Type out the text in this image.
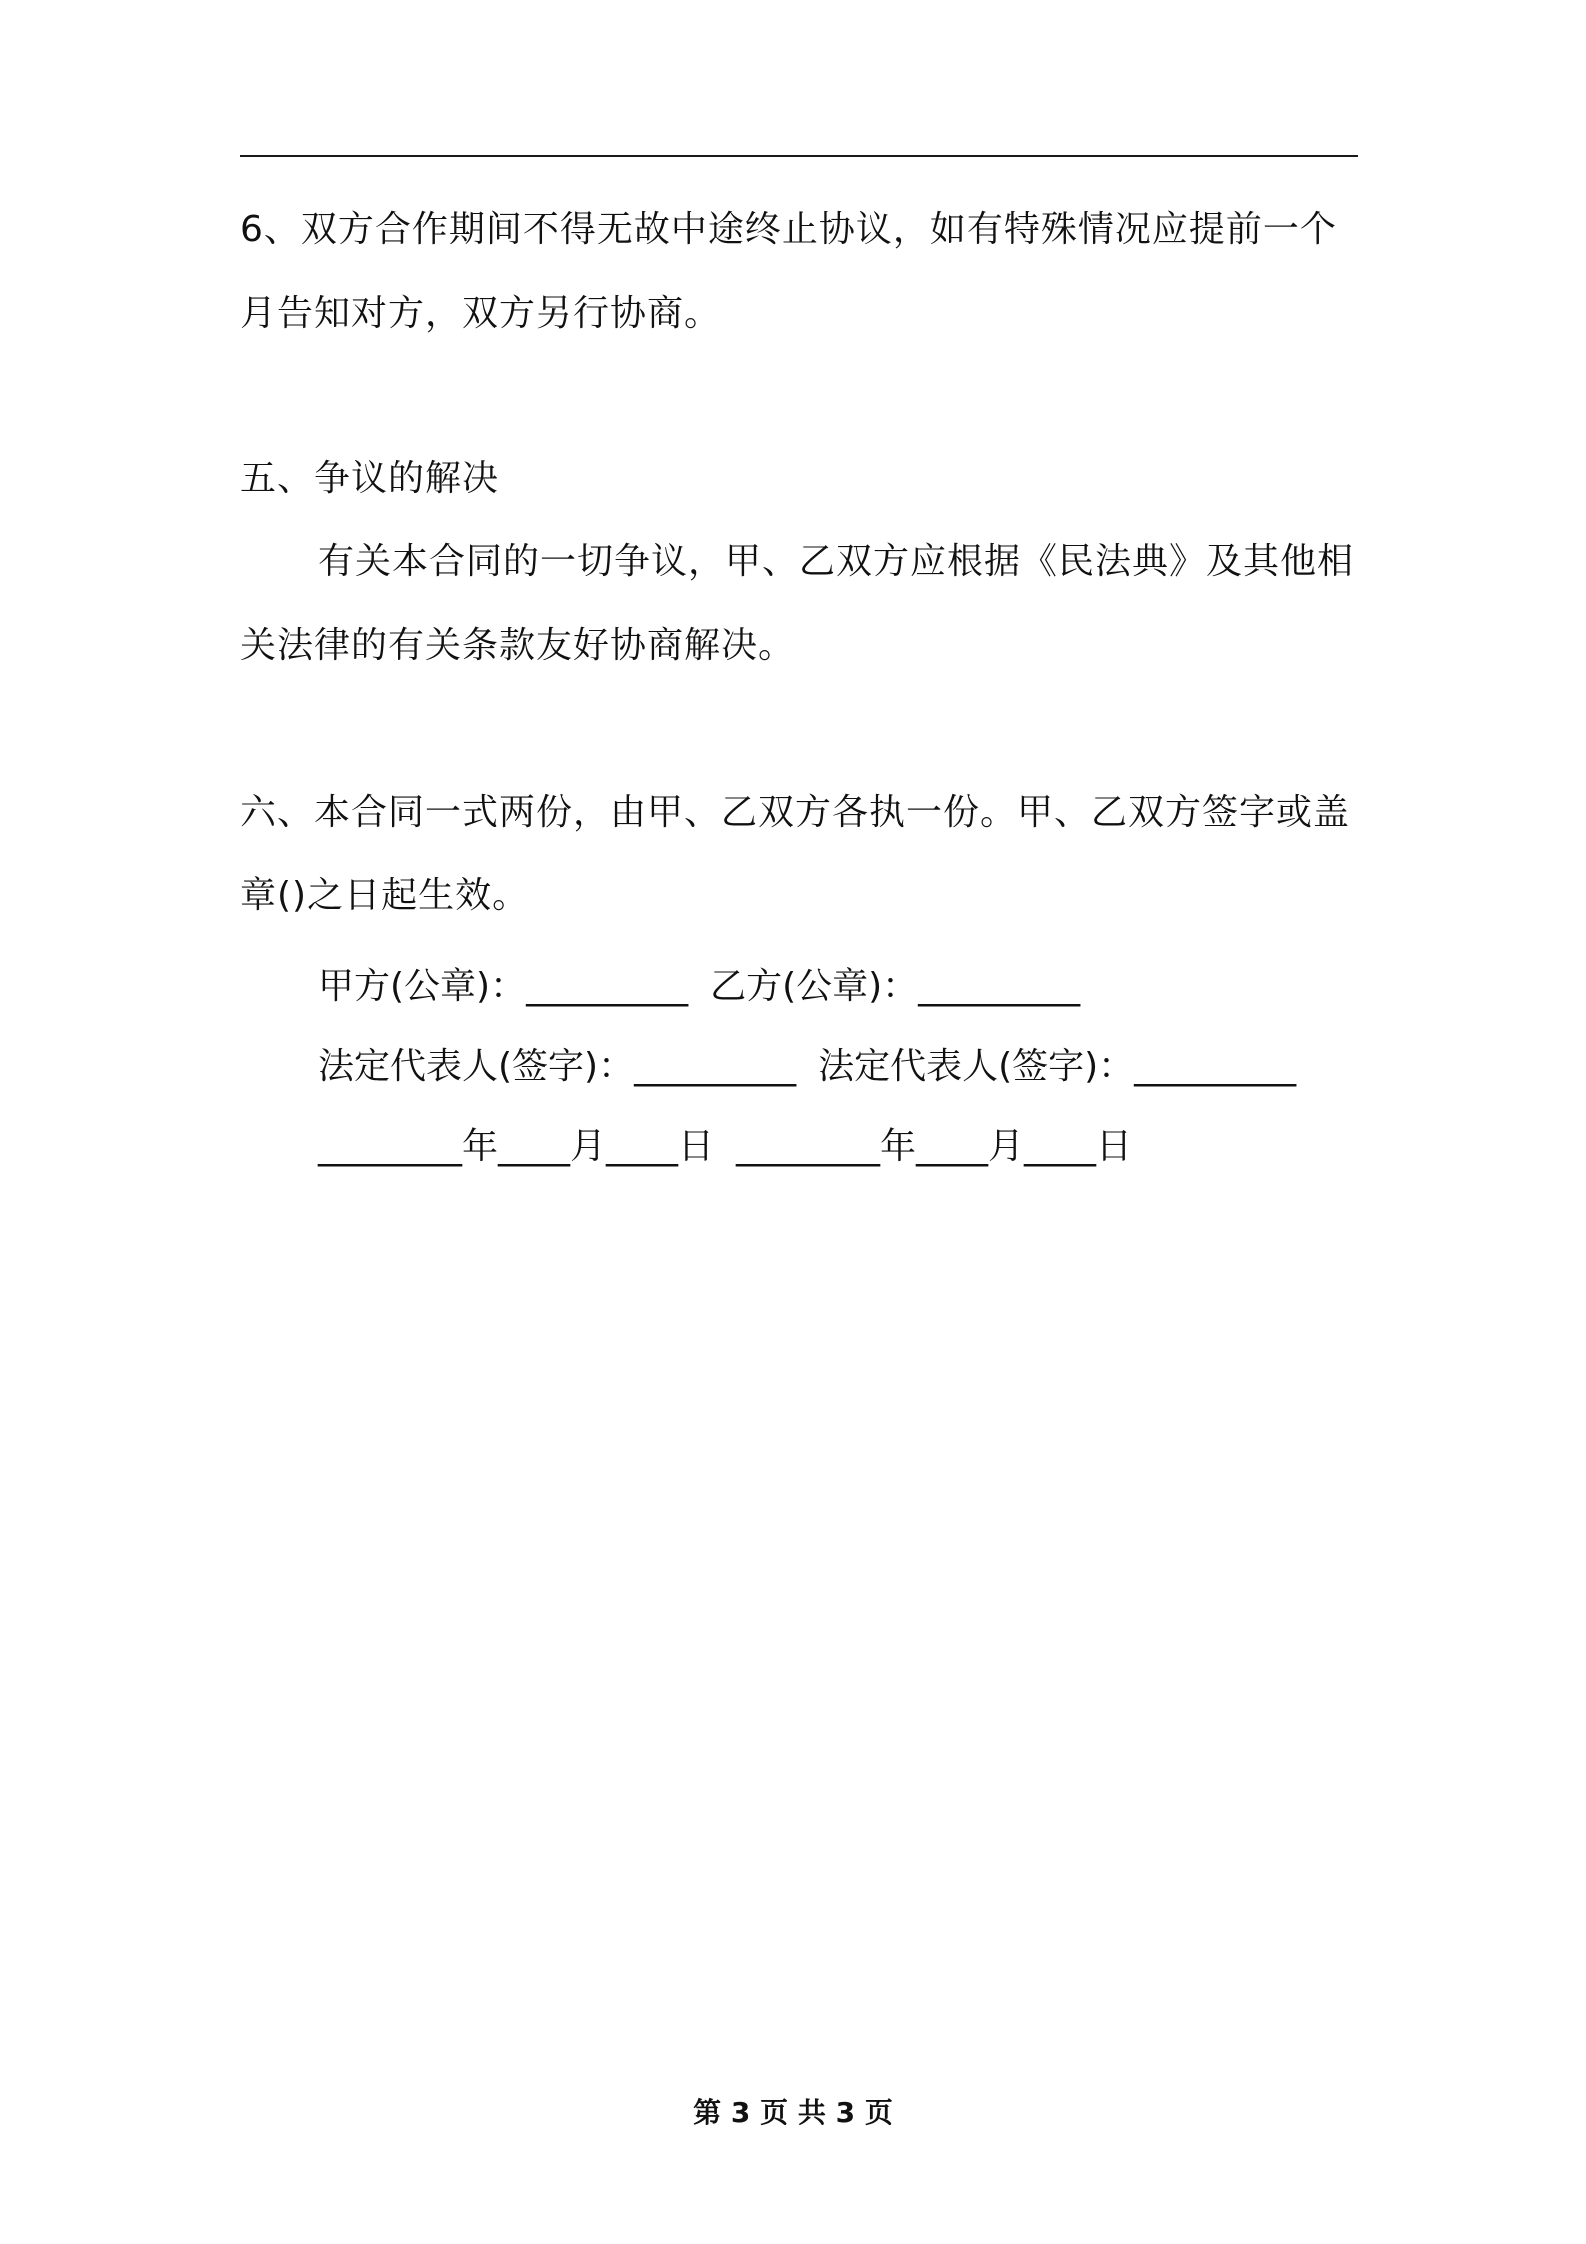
6、双方合作期间不得无故中途终止协议，如有特殊情况应提前一个
月告知对方，双方另行协商。
五、争议的解决
有关本合同的一切争议，甲、乙双方应根据《民法典》及其他相
关法律的有关条款友好协商解决。
六、本合同一式两份，由甲、乙双方各执一份。甲、乙双方签字或盖
章()之日起生效。
甲方(公章)：_________ 乙方(公章)：_________
法定代表人(签字)：_________ 法定代表人(签字)：_________
________年____月____日 ________年____月____日
第 3 页 共 3 页
